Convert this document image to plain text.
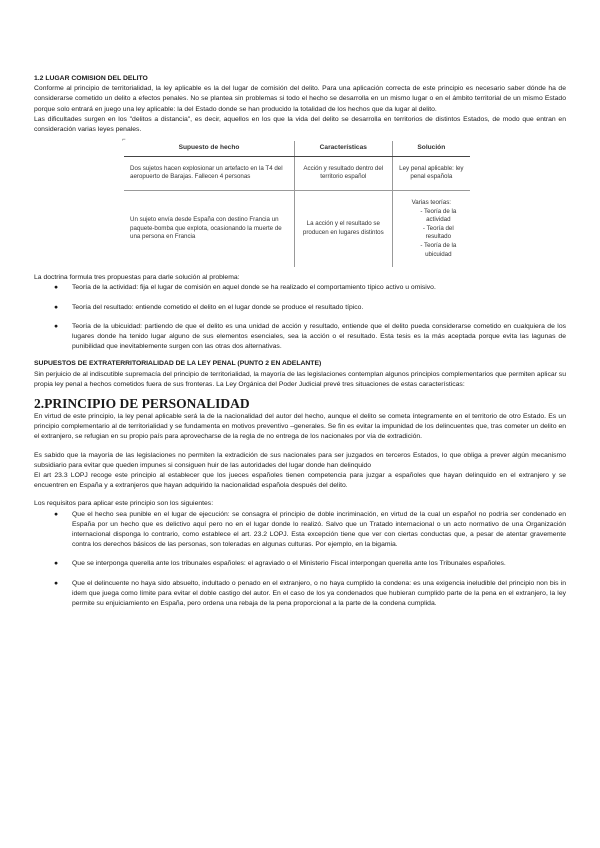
1.2 LUGAR COMISION DEL DELITO

Conforme al principio de territorialidad, la ley aplicable es la del lugar de comisión del delito. Para una aplicación correcta de este principio es necesario saber dónde ha de considerarse cometido un delito a efectos penales. No se plantea sin problemas si todo el hecho se desarrolla en un mismo lugar o en el ámbito territorial de un mismo Estado porque solo entrará en juego una ley aplicable: la del Estado donde se han producido la totalidad de los hechos que da lugar al delito.

Las dificultades surgen en los "delitos a distancia", es decir, aquellos en los que la vida del delito se desarrolla en territorios de distintos Estados, de modo que entran en consideración varias leyes penales.

⌐
Supuesto de hecho	Características	Solución
Dos sujetos hacen explosionar un artefacto en la T4 del aeropuerto de Barajas. Fallecen 4 personas	Acción y resultado dentro del territorio español	Ley penal aplicable: ley penal española
Un sujeto envía desde España con destino Francia un paquete-bomba que explota, ocasionando la muerte de una persona en Francia	La acción y el resultado se producen en lugares distintos	Varias teorías:
- Teoría de la actividad
- Teoría del resultado
- Teoría de la ubicuidad

La doctrina formula tres propuestas para darle solución al problema:

● Teoría de la actividad: fija el lugar de comisión en aquel donde se ha realizado el comportamiento típico activo u omisivo.
● Teoría del resultado: entiende cometido el delito en el lugar donde se produce el resultado típico.
● Teoría de la ubicuidad: partiendo de que el delito es una unidad de acción y resultado, entiende que el delito pueda considerarse cometido en cualquiera de los lugares donde ha tenido lugar alguno de sus elementos esenciales, sea la acción o el resultado. Esta tesis es la más aceptada porque evita las lagunas de punibilidad que inevitablemente surgen con las otras dos alternativas.

SUPUESTOS DE EXTRATERRITORIALIDAD DE LA LEY PENAL (PUNTO 2 EN ADELANTE)

Sin perjuicio de al indiscutible supremacía del principio de territorialidad, la mayoría de las legislaciones contemplan algunos principios complementarios que permiten aplicar su propia ley penal a hechos cometidos fuera de sus fronteras. La Ley Orgánica del Poder Judicial prevé tres situaciones de estas características:

2.PRINCIPIO DE PERSONALIDAD

En virtud de este principio, la ley penal aplicable será la de la nacionalidad del autor del hecho, aunque el delito se cometa íntegramente en el territorio de otro Estado. Es un principio complementario al de territorialidad y se fundamenta en motivos preventivo –generales. Se fin es evitar la impunidad de los delincuentes que, tras cometer un delito en el extranjero, se refugian en su propio país para aprovecharse de la regla de no entrega de los nacionales por vía de extradición.

Es sabido que la mayoría de las legislaciones no permiten la extradición de sus nacionales para ser juzgados en terceros Estados, lo que obliga a prever algún mecanismo subsidiario para evitar que queden impunes si consiguen huir de las autoridades del lugar donde han delinquido

El art 23.3 LOPJ recoge este principio al establecer que los jueces españoles tienen competencia para juzgar a españoles que hayan delinquido en el extranjero y se encuentren en España y a extranjeros que hayan adquirido la nacionalidad española después del delito.

Los requisitos para aplicar este principio son los siguientes:

● Que el hecho sea punible en el lugar de ejecución: se consagra el principio de doble incriminación, en virtud de la cual un español no podría ser condenado en España por un hecho que es delictivo aquí pero no en el lugar donde lo realizó. Salvo que un Tratado internacional o un acto normativo de una Organización internacional disponga lo contrario, como establece el art. 23.2 LOPJ. Esta excepción tiene que ver con ciertas conductas que, a pesar de atentar gravemente contra los derechos básicos de las personas, son toleradas en algunas culturas. Por ejemplo, en la bigamia.
● Que se interponga querella ante los tribunales españoles: el agraviado o el Ministerio Fiscal interpongan querella ante los Tribunales españoles.
● Que el delincuente no haya sido absuelto, indultado o penado en el extranjero, o no haya cumplido la condena: es una exigencia ineludible del principio non bis in idem que juega como límite para evitar el doble castigo del autor. En el caso de los ya condenados que hubieran cumplido parte de la pena en el extranjero, la ley permite su enjuiciamiento en España, pero ordena una rebaja de la pena proporcional a la parte de la condena cumplida.
